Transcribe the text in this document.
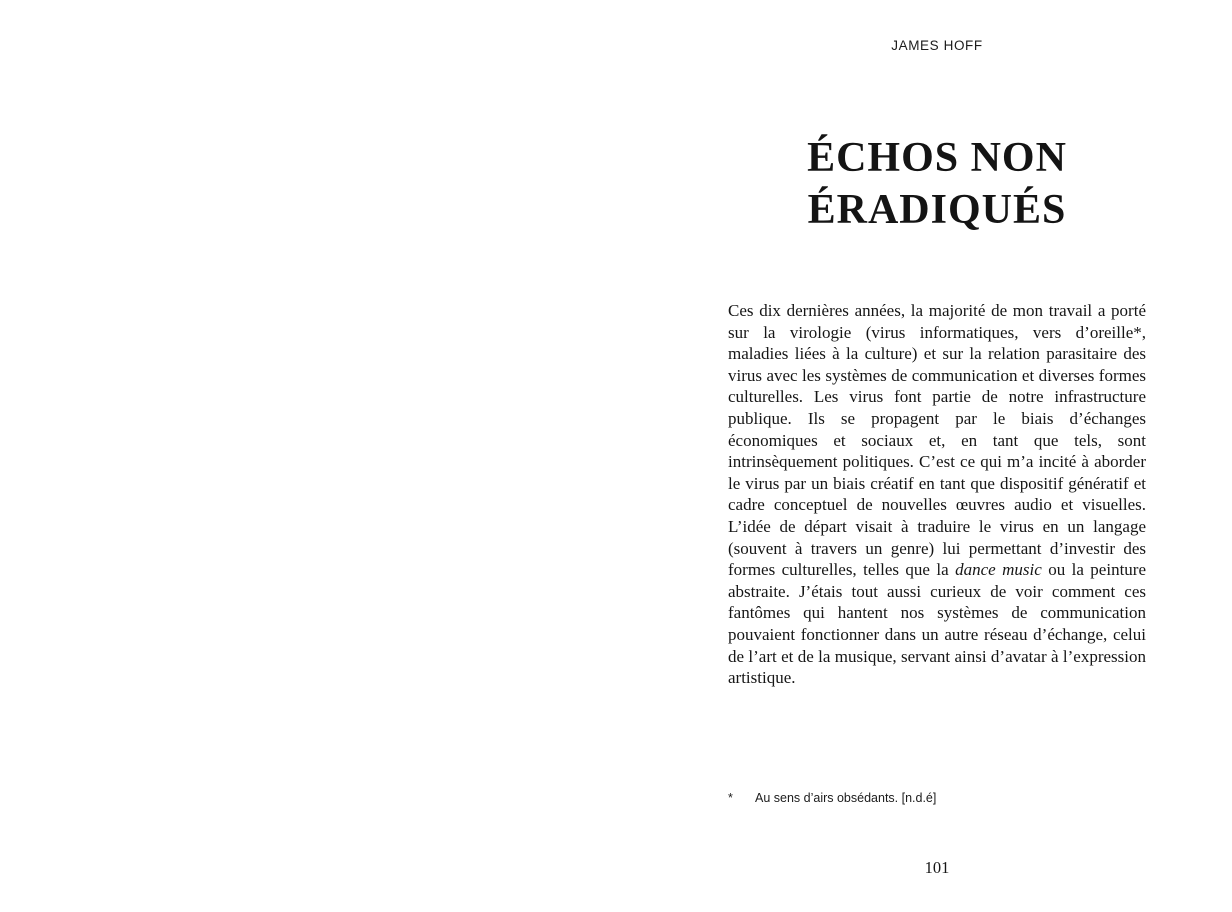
JAMES HOFF
ÉCHOS NON
ÉRADIQUÉS

Ces dix dernières années, la majorité de mon travail a porté sur la virologie (virus informatiques, vers d’oreille*, maladies liées à la culture) et sur la relation parasitaire des virus avec les systèmes de communication et diverses formes culturelles. Les virus font partie de notre infrastructure publique. Ils se propagent par le biais d’échanges économiques et sociaux et, en tant que tels, sont intrinsèquement politiques. C’est ce qui m’a incité à aborder le virus par un biais créatif en tant que dispositif génératif et cadre conceptuel de nouvelles œuvres audio et visuelles. L’idée de départ visait à traduire le virus en un langage (souvent à travers un genre) lui permettant d’investir des formes culturelles, telles que la dance music ou la peinture abstraite. J’étais tout aussi curieux de voir comment ces fantômes qui hantent nos systèmes de communication pouvaient fonctionner dans un autre réseau d’échange, celui de l’art et de la musique, servant ainsi d’avatar à l’expression artistique.

*	Au sens d’airs obsédants. [n.d.é]
101
